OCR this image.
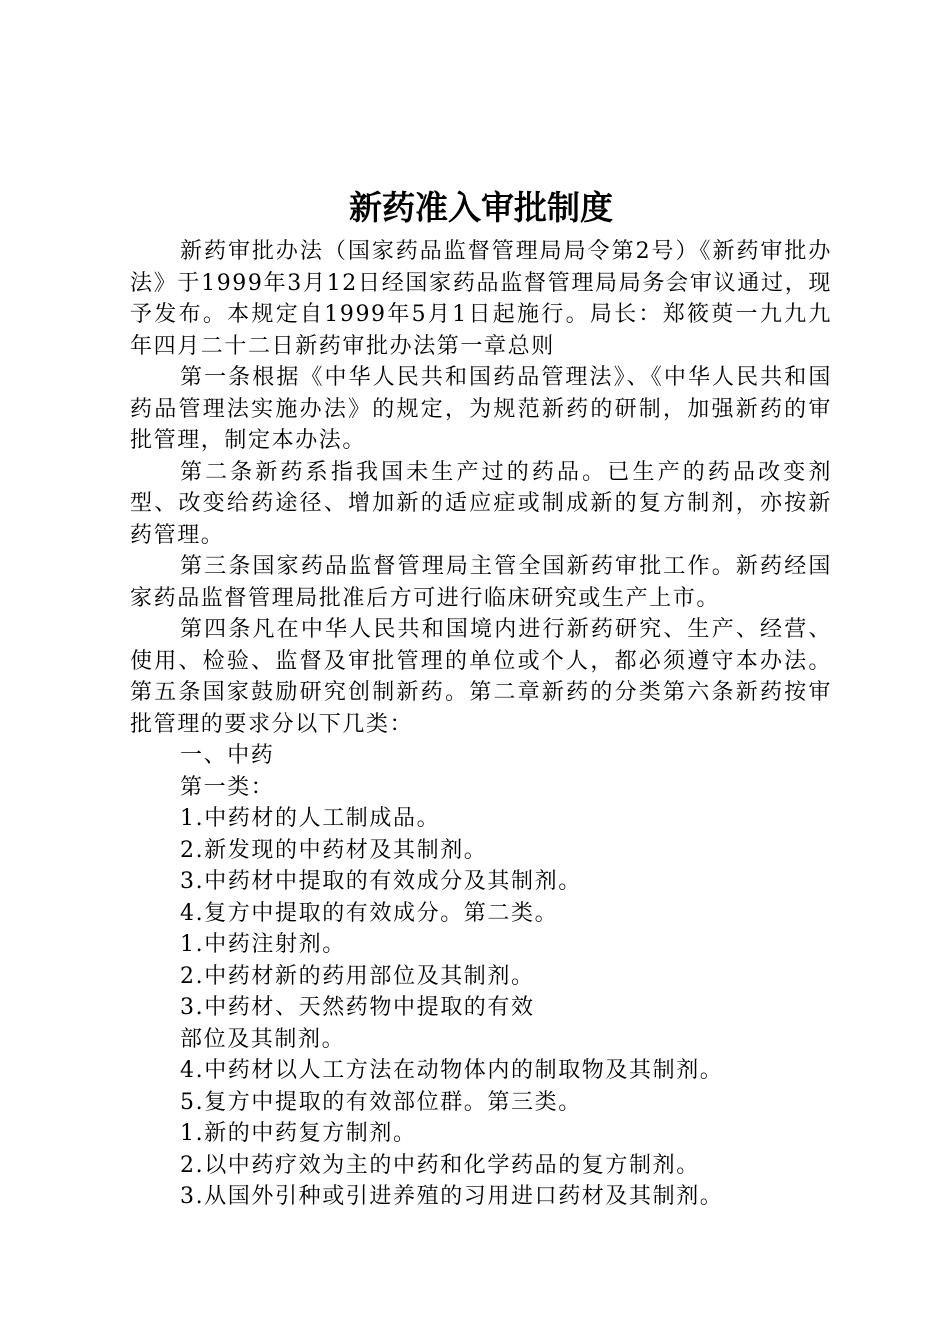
新药准入审批制度

新药审批办法（国家药品监督管理局局令第2号）《新药审批办法》于1999年3月12日经国家药品监督管理局局务会审议通过，现予发布。本规定自1999年5月1日起施行。局长：郑筱萸一九九九年四月二十二日新药审批办法第一章总则

第一条根据《中华人民共和国药品管理法》、《中华人民共和国药品管理法实施办法》的规定，为规范新药的研制，加强新药的审批管理，制定本办法。

第二条新药系指我国未生产过的药品。已生产的药品改变剂型、改变给药途径、增加新的适应症或制成新的复方制剂，亦按新药管理。

第三条国家药品监督管理局主管全国新药审批工作。新药经国家药品监督管理局批准后方可进行临床研究或生产上市。

第四条凡在中华人民共和国境内进行新药研究、生产、经营、使用、检验、监督及审批管理的单位或个人，都必须遵守本办法。第五条国家鼓励研究创制新药。第二章新药的分类第六条新药按审批管理的要求分以下几类：

一、中药
第一类：
1.中药材的人工制成品。
2.新发现的中药材及其制剂。
3.中药材中提取的有效成分及其制剂。
4.复方中提取的有效成分。第二类。
1.中药注射剂。
2.中药材新的药用部位及其制剂。
3.中药材、天然药物中提取的有效
部位及其制剂。
4.中药材以人工方法在动物体内的制取物及其制剂。
5.复方中提取的有效部位群。第三类。
1.新的中药复方制剂。
2.以中药疗效为主的中药和化学药品的复方制剂。
3.从国外引种或引进养殖的习用进口药材及其制剂。
